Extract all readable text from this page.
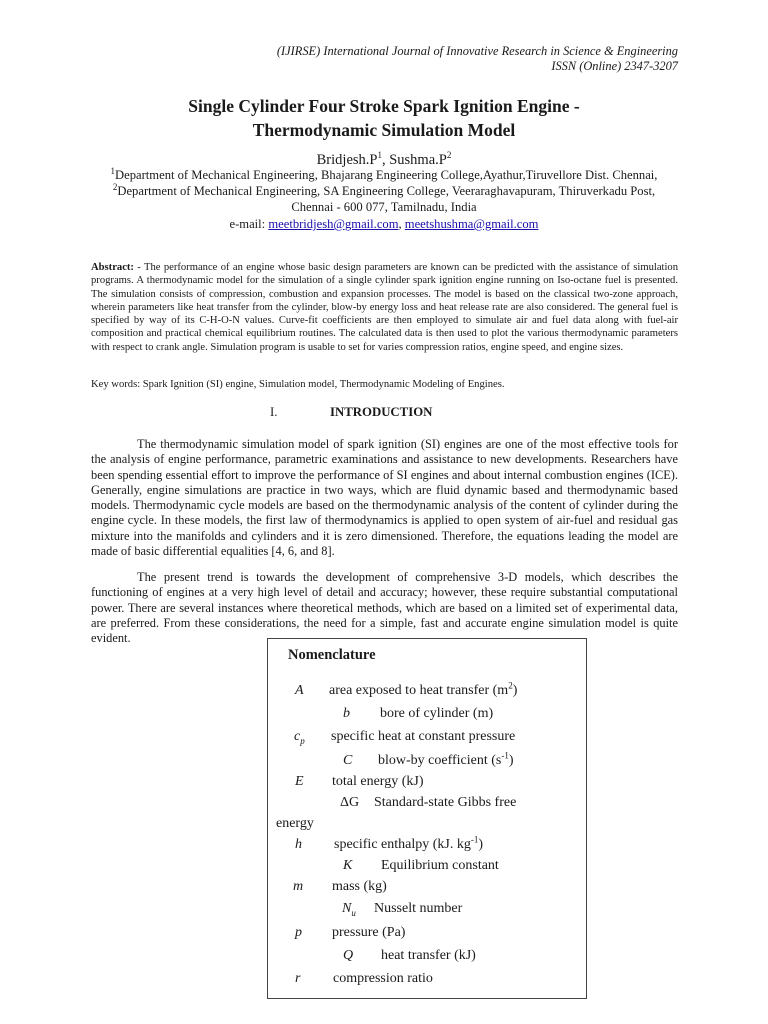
(IJIRSE) International Journal of Innovative Research in Science & Engineering
ISSN (Online) 2347-3207
Single Cylinder Four Stroke Spark Ignition Engine -
Thermodynamic Simulation Model
$Bridjesh.P^1$, $Sushma.P^2$
$^1$Department of Mechanical Engineering, Bhajarang Engineering College,Ayathur,Tiruvellore Dist. Chennai,
$^2$Department of Mechanical Engineering, SA Engineering College, Veeraraghavapuram, Thiruverkadu Post,
Chennai - 600 077, Tamilnadu, India
e-mail: meetbridjesh@gmail.com, meetshushma@gmail.com
Abstract: - The performance of an engine whose basic design parameters are known can be predicted with the assistance of simulation programs. A thermodynamic model for the simulation of a single cylinder spark ignition engine running on Iso-octane fuel is presented. The simulation consists of compression, combustion and expansion processes. The model is based on the classical two-zone approach, wherein parameters like heat transfer from the cylinder, blow-by energy loss and heat release rate are also considered. The general fuel is specified by way of its C-H-O-N values. Curve-fit coefficients are then employed to simulate air and fuel data along with fuel-air composition and practical chemical equilibrium routines. The calculated data is then used to plot the various thermodynamic parameters with respect to crank angle. Simulation program is usable to set for varies compression ratios, engine speed, and engine sizes.
Key words: Spark Ignition (SI) engine, Simulation model, Thermodynamic Modeling of Engines.
I.	INTRODUCTION
The thermodynamic simulation model of spark ignition (SI) engines are one of the most effective tools for the analysis of engine performance, parametric examinations and assistance to new developments. Researchers have been spending essential effort to improve the performance of SI engines and about internal combustion engines (ICE). Generally, engine simulations are practice in two ways, which are fluid dynamic based and thermodynamic based models. Thermodynamic cycle models are based on the thermodynamic analysis of the content of cylinder during the engine cycle. In these models, the first law of thermodynamics is applied to open system of air-fuel and residual gas mixture into the manifolds and cylinders and it is zero dimensioned. Therefore, the equations leading the model are made of basic differential equalities [4, 6, and 8].
The present trend is towards the development of comprehensive 3-D models, which describes the functioning of engines at a very high level of detail and accuracy; however, these require substantial computational power. There are several instances where theoretical methods, which are based on a limited set of experimental data, are preferred. From these considerations, the need for a simple, fast and accurate engine simulation model is quite evident.
Nomenclature
A area exposed to heat transfer $(m^2)$
b bore of cylinder (m)
$c_p$ specific heat at constant pressure
C blow-by coefficient $(s^{-1})$
E total energy (kJ)
ΔG Standard-state Gibbs free
energy
h specific enthalpy (kJ. $kg^{-1}$)
K Equilibrium constant
m mass (kg)
$N_u$ Nusselt number
p pressure (Pa)
Q heat transfer (kJ)
r compression ratio
